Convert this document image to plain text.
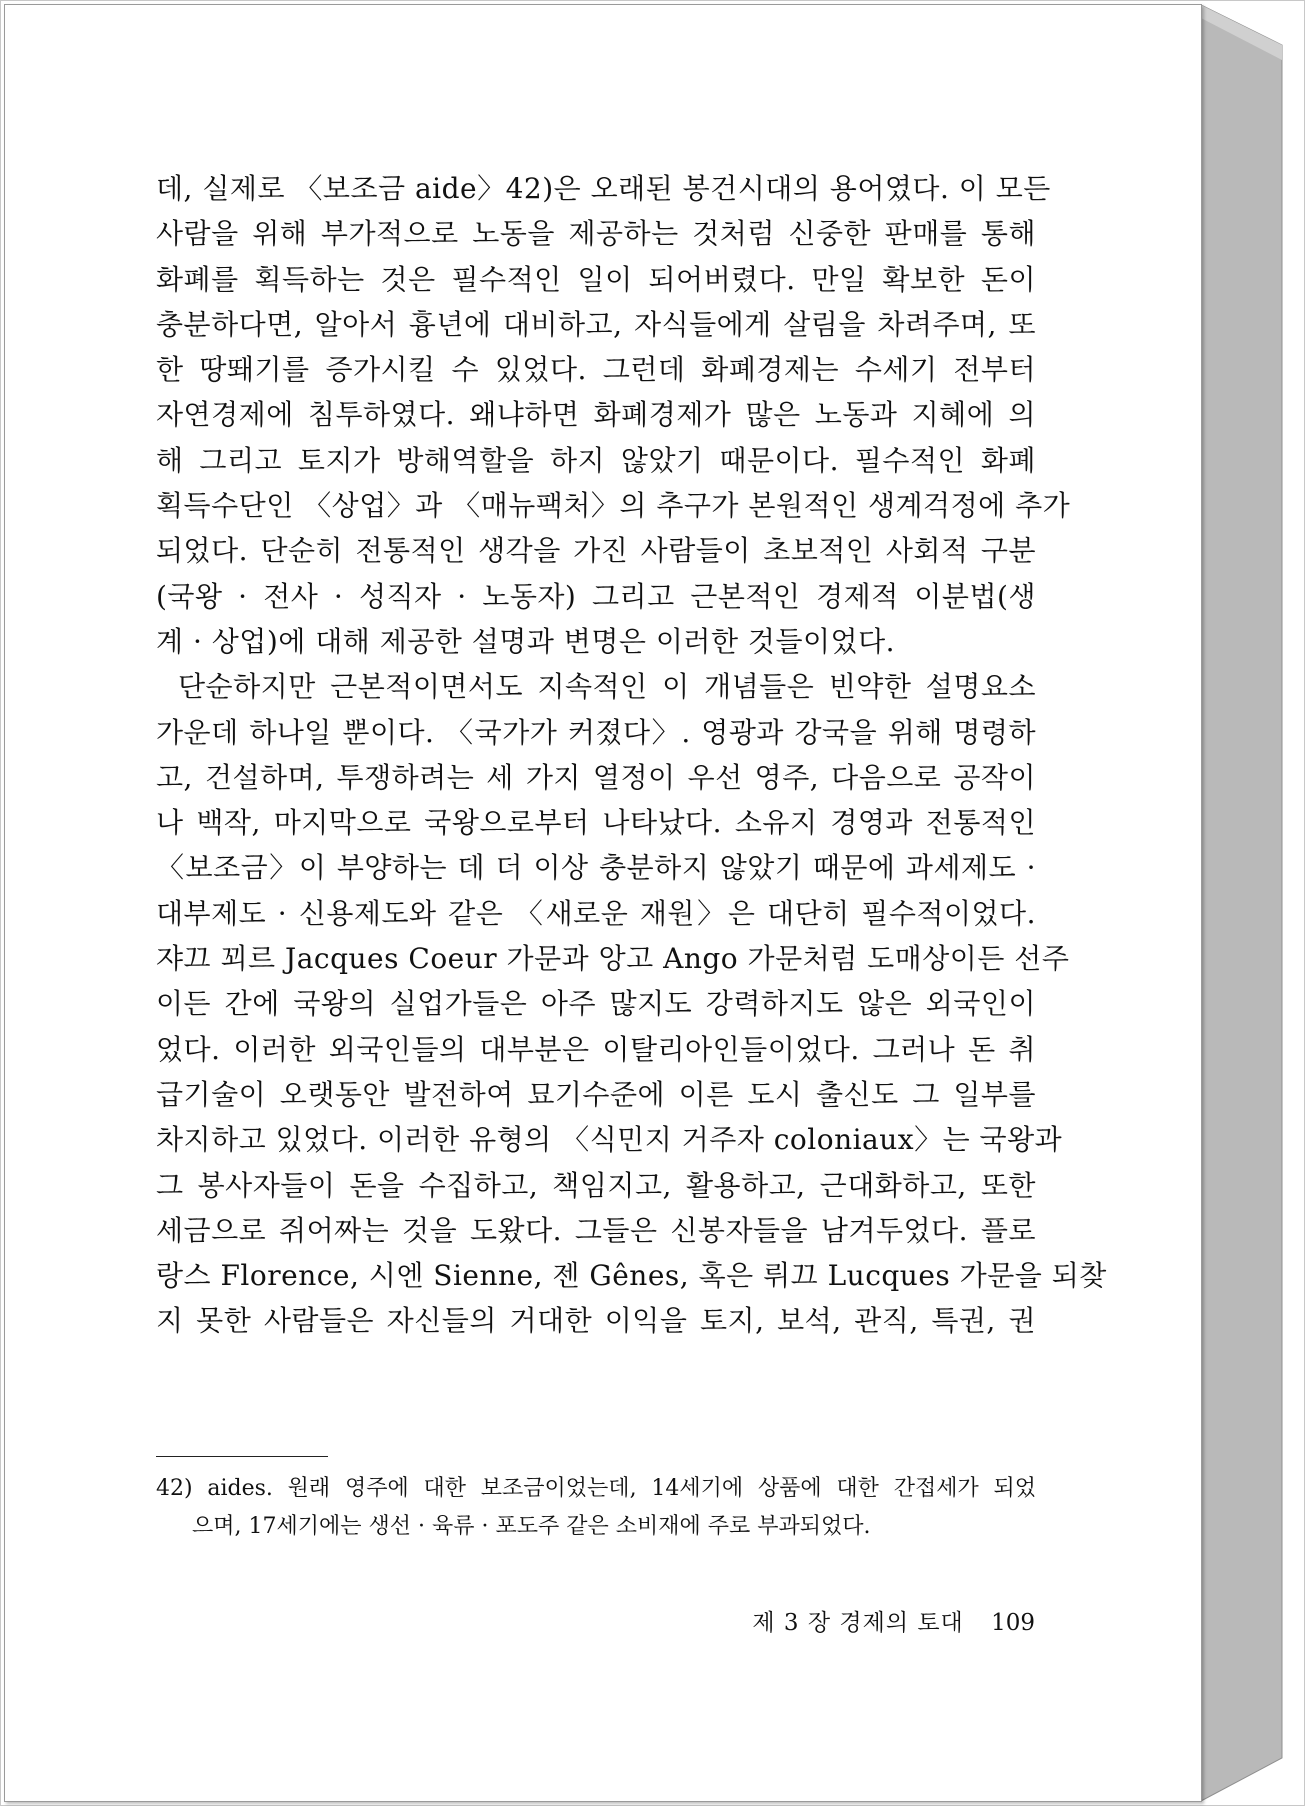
데, 실제로 〈보조금 aide〉42)은 오래된 봉건시대의 용어였다. 이 모든
사람을 위해 부가적으로 노동을 제공하는 것처럼 신중한 판매를 통해
화폐를 획득하는 것은 필수적인 일이 되어버렸다. 만일 확보한 돈이
충분하다면, 알아서 흉년에 대비하고, 자식들에게 살림을 차려주며, 또
한 땅뙈기를 증가시킬 수 있었다. 그런데 화폐경제는 수세기 전부터
자연경제에 침투하였다. 왜냐하면 화폐경제가 많은 노동과 지혜에 의
해 그리고 토지가 방해역할을 하지 않았기 때문이다. 필수적인 화폐
획득수단인 〈상업〉과 〈매뉴팩처〉의 추구가 본원적인 생계걱정에 추가
되었다. 단순히 전통적인 생각을 가진 사람들이 초보적인 사회적 구분
(국왕 · 전사 · 성직자 · 노동자) 그리고 근본적인 경제적 이분법(생
계 · 상업)에 대해 제공한 설명과 변명은 이러한 것들이었다.
단순하지만 근본적이면서도 지속적인 이 개념들은 빈약한 설명요소
가운데 하나일 뿐이다. 〈국가가 커졌다〉. 영광과 강국을 위해 명령하
고, 건설하며, 투쟁하려는 세 가지 열정이 우선 영주, 다음으로 공작이
나 백작, 마지막으로 국왕으로부터 나타났다. 소유지 경영과 전통적인
〈보조금〉이 부양하는 데 더 이상 충분하지 않았기 때문에 과세제도 ·
대부제도 · 신용제도와 같은 〈새로운 재원〉은 대단히 필수적이었다.
쟈끄 꾀르 Jacques Coeur 가문과 앙고 Ango 가문처럼 도매상이든 선주
이든 간에 국왕의 실업가들은 아주 많지도 강력하지도 않은 외국인이
었다. 이러한 외국인들의 대부분은 이탈리아인들이었다. 그러나 돈 취
급기술이 오랫동안 발전하여 묘기수준에 이른 도시 출신도 그 일부를
차지하고 있었다. 이러한 유형의 〈식민지 거주자 coloniaux〉는 국왕과
그 봉사자들이 돈을 수집하고, 책임지고, 활용하고, 근대화하고, 또한
세금으로 쥐어짜는 것을 도왔다. 그들은 신봉자들을 남겨두었다. 플로
랑스 Florence, 시엔 Sienne, 젠 Gênes, 혹은 뤼끄 Lucques 가문을 되찾
지 못한 사람들은 자신들의 거대한 이익을 토지, 보석, 관직, 특권, 권
42) aides. 원래 영주에 대한 보조금이었는데, 14세기에 상품에 대한 간접세가 되었
으며, 17세기에는 생선 · 육류 · 포도주 같은 소비재에 주로 부과되었다.
제 3 장 경제의 토대 109
